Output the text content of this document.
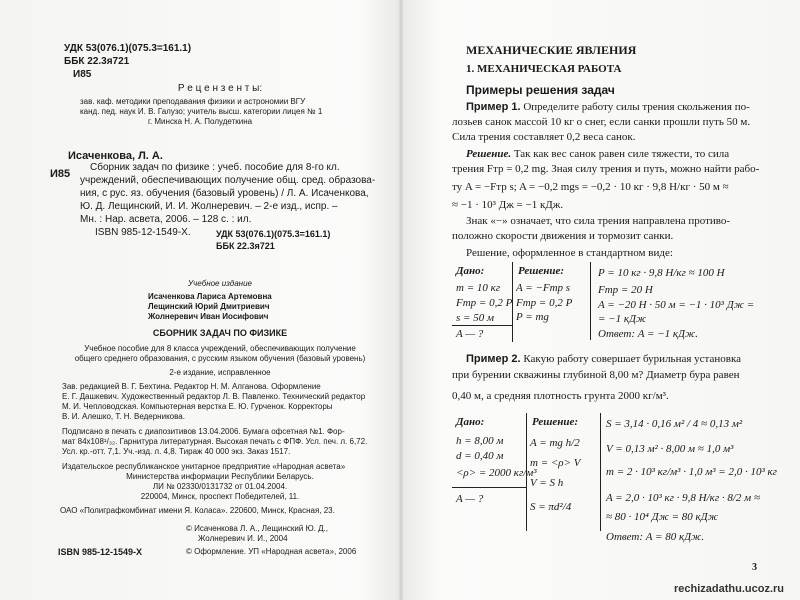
УДК 53(076.1)(075.3=161.1)
ББК 22.3я721
И85
Р е ц е н з е н т ы:
зав. каф. методики преподавания физики и астрономии ВГУ
канд. пед. наук И. В. Галузо; учитель высш. категории лицея № 1
г. Минска Н. А. Полудеткина
Исаченкова, Л. А.
И85
Сборник задач по физике : учеб. пособие для 8-го кл.
учреждений, обеспечивающих получение общ. сред. образова-
ния, с рус. яз. обучения (базовый уровень) / Л. А. Исаченкова,
Ю. Д. Лещинский, И. И. Жолнеревич. – 2-е изд., испр. –
Мн. : Нар. асвета, 2006. – 128 с. : ил.
ISBN 985-12-1549-X.	УДК 53(076.1)(075.3=161.1)
ББК 22.3я721
Учебное издание
Исаченкова Лариса Артемовна
Лещинский Юрий Дмитриевич
Жолнеревич Иван Иосифович
СБОРНИК ЗАДАЧ ПО ФИЗИКЕ
Учебное пособие для 8 класса учреждений, обеспечивающих получение
общего среднего образования, с русским языком обучения (базовый уровень)
2-е издание, исправленное
Зав. редакцией В. Г. Бехтина. Редактор Н. М. Алганова. Оформление
Е. Г. Дашкевич. Художественный редактор Л. В. Павленко. Технический редактор
М. И. Чепловодская. Компьютерная верстка Е. Ю. Гурченок. Корректоры
В. И. Алешко, Т. Н. Ведерникова.
Подписано в печать с диапозитивов 13.04.2006. Бумага офсетная №1. Фор-
мат 84x108¹/₃₂. Гарнитура литературная. Высокая печать с ФПФ. Усл. печ. л. 6,72.
Усл. кр.-отт. 7,1. Уч.-изд. л. 4,8. Тираж 40 000 экз. Заказ 1517.
Издательское республиканское унитарное предприятие «Народная асвета»
Министерства информации Республики Беларусь.
ЛИ № 02330/0131732 от 01.04.2004.
220004, Минск, проспект Победителей, 11.
ОАО «Полиграфкомбинат имени Я. Коласа». 220600, Минск, Красная, 23.
ISBN 985-12-1549-X
© Исаченкова Л. А., Лещинский Ю. Д.,
Жолнеревич И. И., 2004
© Оформление. УП «Народная асвета», 2006
МЕХАНИЧЕСКИЕ ЯВЛЕНИЯ
1. МЕХАНИЧЕСКАЯ РАБОТА
Примеры решения задач
Пример 1. Определите работу силы трения скольжения по-
лозьев санок массой 10 кг о снег, если санки прошли путь 50 м.
Сила трения составляет 0,2 веса санок.
Решение. Так как вес санок равен силе тяжести, то сила
трения Fтр = 0,2 mg. Зная силу трения и путь, можно найти рабо-
ту A = −Fтр s; A = −0,2 mgs = −0,2 · 10 кг · 9,8 Н/кг · 50 м ≈
≈ −1 · 10³ Дж = −1 кДж.
Знак «−» означает, что сила трения направлена противо-
положно скорости движения и тормозит санки.
Решение, оформленное в стандартном виде:
Дано:
m = 10 кг
Fтр = 0,2 P
s = 50 м
A — ?
Решение:
A = −Fтр s
Fтр = 0,2 P
P = mg
P = 10 кг · 9,8 Н/кг ≈ 100 Н
Fтр = 20 Н
A = −20 Н · 50 м = −1 · 10³ Дж =
= −1 кДж
Ответ: A = −1 кДж.
Пример 2. Какую работу совершает бурильная установка
при бурении скважины глубиной 8,00 м? Диаметр бура равен
0,40 м, а средняя плотность грунта 2000 кг/м³.
Дано:
h = 8,00 м
d = 0,40 м
<ρ> = 2000 кг/м³
A — ?
Решение:
A = mg h/2
m = <ρ> V
V = S h
S = πd²/4
S = 3,14 · 0,16 м² / 4 ≈ 0,13 м²
V = 0,13 м² · 8,00 м ≈ 1,0 м³
m = 2 · 10³ кг/м³ · 1,0 м³ = 2,0 · 10³ кг
A = 2,0 · 10³ кг · 9,8 Н/кг · 8/2 м ≈
≈ 80 · 10⁴ Дж = 80 кДж
Ответ: A = 80 кДж.
3
rechizadathu.ucoz.ru
